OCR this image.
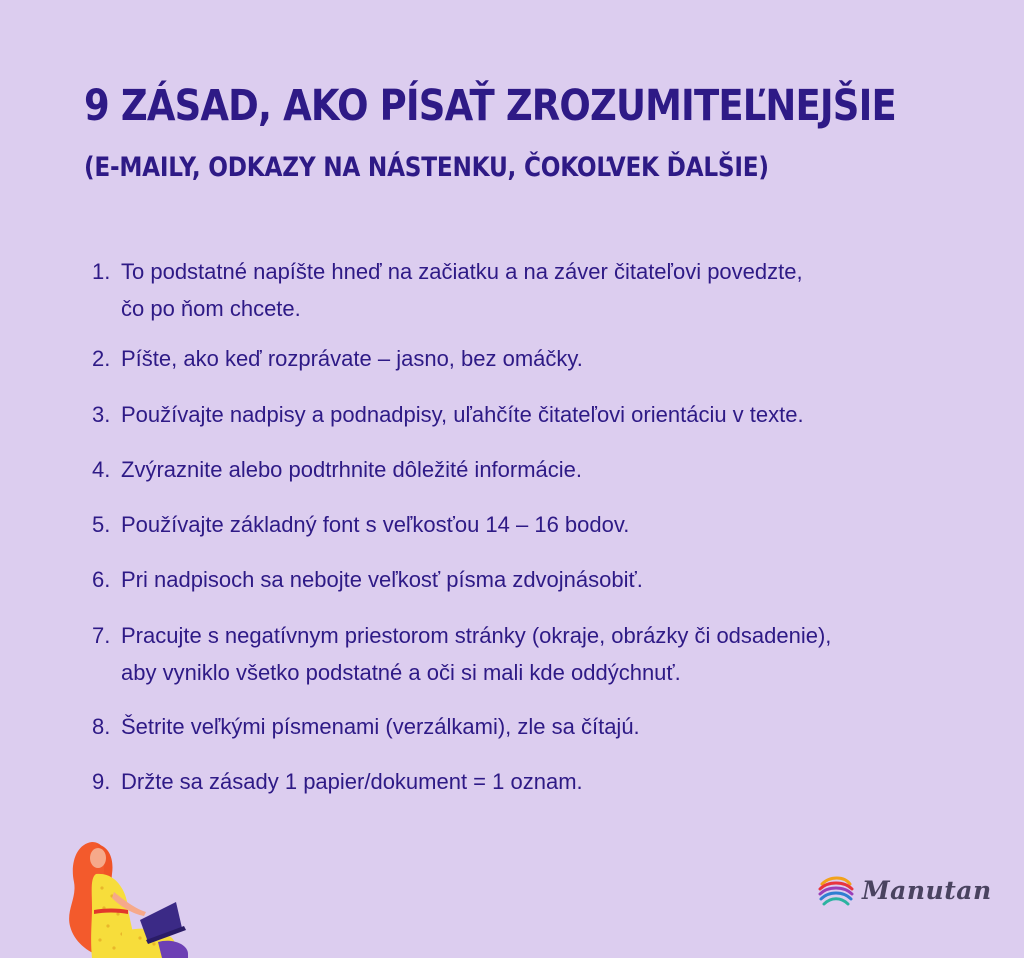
9 ZÁSAD, AKO PÍSAŤ ZROZUMITEĽNEJŠIE
(E-MAILY, ODKAZY NA NÁSTENKU, ČOKOĽVEK ĎALŠIE)
1. To podstatné napíšte hneď na začiatku a na záver čitateľovi povedzte,
čo po ňom chcete.
2. Píšte, ako keď rozprávate – jasno, bez omáčky.
3. Používajte nadpisy a podnadpisy, uľahčíte čitateľovi orientáciu v texte.
4. Zvýraznite alebo podtrhnite dôležité informácie.
5. Používajte základný font s veľkosťou 14 – 16 bodov.
6. Pri nadpisoch sa nebojte veľkosť písma zdvojnásobiť.
7. Pracujte s negatívnym priestorom stránky (okraje, obrázky či odsadenie),
aby vyniklo všetko podstatné a oči si mali kde oddýchnuť.
8. Šetrite veľkými písmenami (verzálkami), zle sa čítajú.
9. Držte sa zásady 1 papier/dokument = 1 oznam.
Manutan
